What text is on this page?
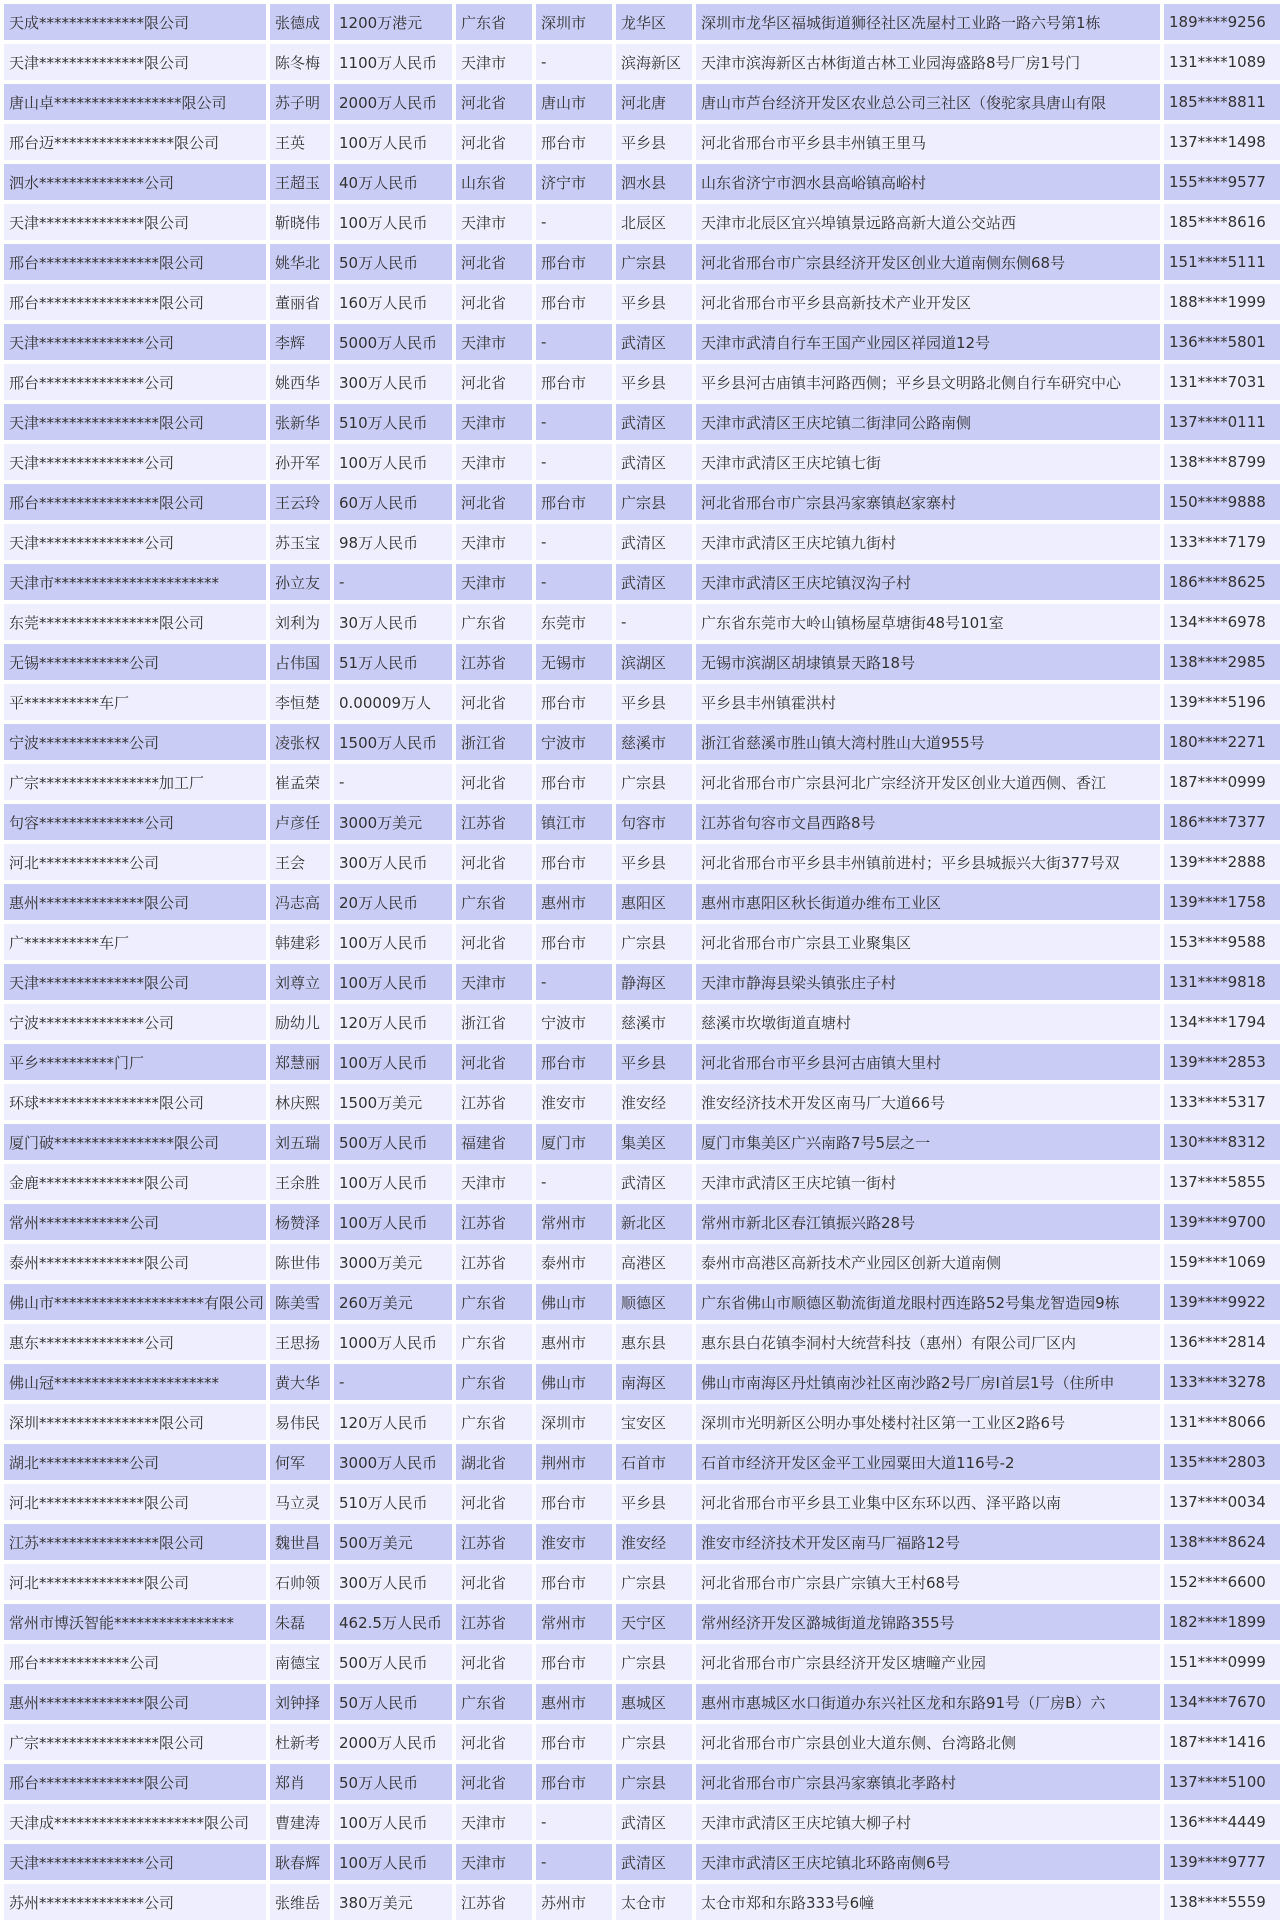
天成**************限公司	张德成	1200万港元	广东省	深圳市	龙华区	深圳市龙华区福城街道狮径社区冼屋村工业路一路六号第1栋	189****9256
天津**************限公司	陈冬梅	1100万人民币	天津市	-	滨海新区	天津市滨海新区古林街道古林工业园海盛路8号厂房1号门	131****1089
唐山卓*****************限公司	苏子明	2000万人民币	河北省	唐山市	河北唐	唐山市芦台经济开发区农业总公司三社区（俊驼家具唐山有限	185****8811
邢台迈****************限公司	王英	100万人民币	河北省	邢台市	平乡县	河北省邢台市平乡县丰州镇王里马	137****1498
泗水**************公司	王超玉	40万人民币	山东省	济宁市	泗水县	山东省济宁市泗水县高峪镇高峪村	155****9577
天津**************限公司	靳晓伟	100万人民币	天津市	-	北辰区	天津市北辰区宜兴埠镇景远路高新大道公交站西	185****8616
邢台****************限公司	姚华北	50万人民币	河北省	邢台市	广宗县	河北省邢台市广宗县经济开发区创业大道南侧东侧68号	151****5111
邢台****************限公司	董丽省	160万人民币	河北省	邢台市	平乡县	河北省邢台市平乡县高新技术产业开发区	188****1999
天津**************公司	李辉	5000万人民币	天津市	-	武清区	天津市武清自行车王国产业园区祥园道12号	136****5801
邢台**************公司	姚西华	300万人民币	河北省	邢台市	平乡县	平乡县河古庙镇丰河路西侧；平乡县文明路北侧自行车研究中心	131****7031
天津****************限公司	张新华	510万人民币	天津市	-	武清区	天津市武清区王庆坨镇二街津同公路南侧	137****0111
天津**************公司	孙开军	100万人民币	天津市	-	武清区	天津市武清区王庆坨镇七街	138****8799
邢台****************限公司	王云玲	60万人民币	河北省	邢台市	广宗县	河北省邢台市广宗县冯家寨镇赵家寨村	150****9888
天津**************公司	苏玉宝	98万人民币	天津市	-	武清区	天津市武清区王庆坨镇九街村	133****7179
天津市**********************	孙立友	-	天津市	-	武清区	天津市武清区王庆坨镇汊沟子村	186****8625
东莞****************限公司	刘利为	30万人民币	广东省	东莞市	-	广东省东莞市大岭山镇杨屋草塘街48号101室	134****6978
无锡************公司	占伟国	51万人民币	江苏省	无锡市	滨湖区	无锡市滨湖区胡埭镇景天路18号	138****2985
平**********车厂	李恒楚	0.00009万人	河北省	邢台市	平乡县	平乡县丰州镇霍洪村	139****5196
宁波************公司	凌张权	1500万人民币	浙江省	宁波市	慈溪市	浙江省慈溪市胜山镇大湾村胜山大道955号	180****2271
广宗****************加工厂	崔孟荣	-	河北省	邢台市	广宗县	河北省邢台市广宗县河北广宗经济开发区创业大道西侧、香江	187****0999
句容**************公司	卢彦任	3000万美元	江苏省	镇江市	句容市	江苏省句容市文昌西路8号	186****7377
河北************公司	王会	300万人民币	河北省	邢台市	平乡县	河北省邢台市平乡县丰州镇前进村；平乡县城振兴大街377号双	139****2888
惠州**************限公司	冯志高	20万人民币	广东省	惠州市	惠阳区	惠州市惠阳区秋长街道办维布工业区	139****1758
广**********车厂	韩建彩	100万人民币	河北省	邢台市	广宗县	河北省邢台市广宗县工业聚集区	153****9588
天津**************限公司	刘尊立	100万人民币	天津市	-	静海区	天津市静海县梁头镇张庄子村	131****9818
宁波**************公司	励幼儿	120万人民币	浙江省	宁波市	慈溪市	慈溪市坎墩街道直塘村	134****1794
平乡**********门厂	郑慧丽	100万人民币	河北省	邢台市	平乡县	河北省邢台市平乡县河古庙镇大里村	139****2853
环球****************限公司	林庆熙	1500万美元	江苏省	淮安市	淮安经	淮安经济技术开发区南马厂大道66号	133****5317
厦门破****************限公司	刘五瑞	500万人民币	福建省	厦门市	集美区	厦门市集美区广兴南路7号5层之一	130****8312
金鹿**************限公司	王余胜	100万人民币	天津市	-	武清区	天津市武清区王庆坨镇一街村	137****5855
常州************公司	杨赞泽	100万人民币	江苏省	常州市	新北区	常州市新北区春江镇振兴路28号	139****9700
泰州**************限公司	陈世伟	3000万美元	江苏省	泰州市	高港区	泰州市高港区高新技术产业园区创新大道南侧	159****1069
佛山市********************有限公司	陈美雪	260万美元	广东省	佛山市	顺德区	广东省佛山市顺德区勒流街道龙眼村西连路52号集龙智造园9栋	139****9922
惠东**************公司	王思扬	1000万人民币	广东省	惠州市	惠东县	惠东县白花镇李洞村大统营科技（惠州）有限公司厂区内	136****2814
佛山冠**********************	黄大华	-	广东省	佛山市	南海区	佛山市南海区丹灶镇南沙社区南沙路2号厂房I首层1号（住所申	133****3278
深圳****************限公司	易伟民	120万人民币	广东省	深圳市	宝安区	深圳市光明新区公明办事处楼村社区第一工业区2路6号	131****8066
湖北************公司	何军	3000万人民币	湖北省	荆州市	石首市	石首市经济开发区金平工业园粟田大道116号-2	135****2803
河北**************限公司	马立灵	510万人民币	河北省	邢台市	平乡县	河北省邢台市平乡县工业集中区东环以西、泽平路以南	137****0034
江苏****************限公司	魏世昌	500万美元	江苏省	淮安市	淮安经	淮安市经济技术开发区南马厂福路12号	138****8624
河北**************限公司	石帅领	300万人民币	河北省	邢台市	广宗县	河北省邢台市广宗县广宗镇大王村68号	152****6600
常州市博沃智能****************	朱磊	462.5万人民币	江苏省	常州市	天宁区	常州经济开发区潞城街道龙锦路355号	182****1899
邢台************公司	南德宝	500万人民币	河北省	邢台市	广宗县	河北省邢台市广宗县经济开发区塘疃产业园	151****0999
惠州**************限公司	刘钟择	50万人民币	广东省	惠州市	惠城区	惠州市惠城区水口街道办东兴社区龙和东路91号（厂房B）六	134****7670
广宗****************限公司	杜新考	2000万人民币	河北省	邢台市	广宗县	河北省邢台市广宗县创业大道东侧、台湾路北侧	187****1416
邢台**************限公司	郑肖	50万人民币	河北省	邢台市	广宗县	河北省邢台市广宗县冯家寨镇北孝路村	137****5100
天津成********************限公司	曹建涛	100万人民币	天津市	-	武清区	天津市武清区王庆坨镇大柳子村	136****4449
天津**************公司	耿春辉	100万人民币	天津市	-	武清区	天津市武清区王庆坨镇北环路南侧6号	139****9777
苏州**************公司	张维岳	380万美元	江苏省	苏州市	太仓市	太仓市郑和东路333号6幢	138****5559
